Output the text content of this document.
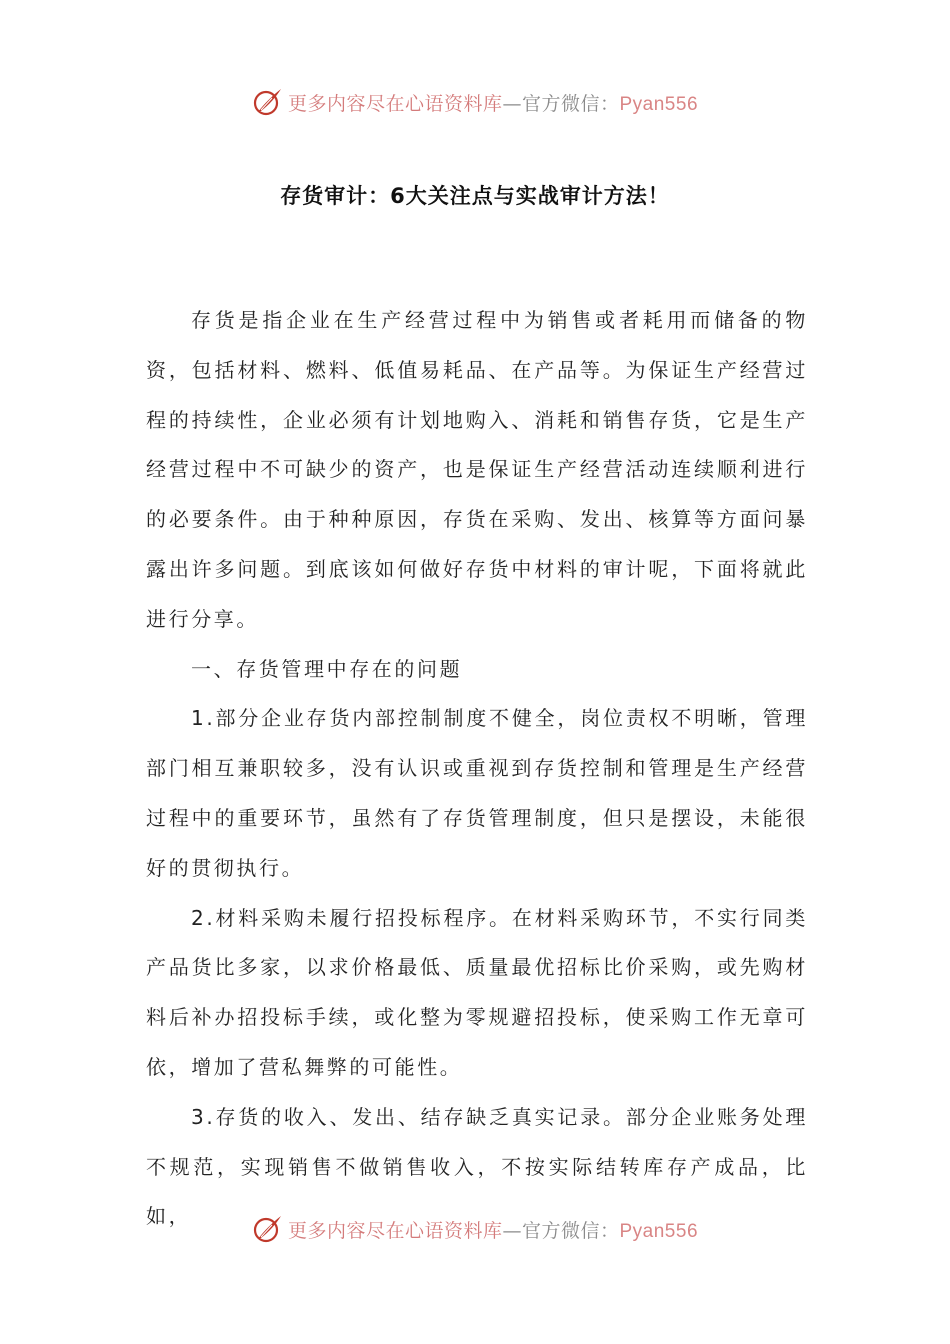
更多内容尽在心语资料库—官方微信：Pyan556
存货审计：6大关注点与实战审计方法！

存货是指企业在生产经营过程中为销售或者耗用而储备的物资，包括材料、燃料、低值易耗品、在产品等。为保证生产经营过程的持续性，企业必须有计划地购入、消耗和销售存货，它是生产经营过程中不可缺少的资产，也是保证生产经营活动连续顺利进行的必要条件。由于种种原因，存货在采购、发出、核算等方面问暴露出许多问题。到底该如何做好存货中材料的审计呢，下面将就此进行分享。

一、存货管理中存在的问题

1.部分企业存货内部控制制度不健全，岗位责权不明晰，管理部门相互兼职较多，没有认识或重视到存货控制和管理是生产经营过程中的重要环节，虽然有了存货管理制度，但只是摆设，未能很好的贯彻执行。

2.材料采购未履行招投标程序。在材料采购环节，不实行同类产品货比多家，以求价格最低、质量最优招标比价采购，或先购材料后补办招投标手续，或化整为零规避招投标，使采购工作无章可依，增加了营私舞弊的可能性。

3.存货的收入、发出、结存缺乏真实记录。部分企业账务处理不规范，实现销售不做销售收入，不按实际结转库存产成品，比如，

更多内容尽在心语资料库—官方微信：Pyan556
